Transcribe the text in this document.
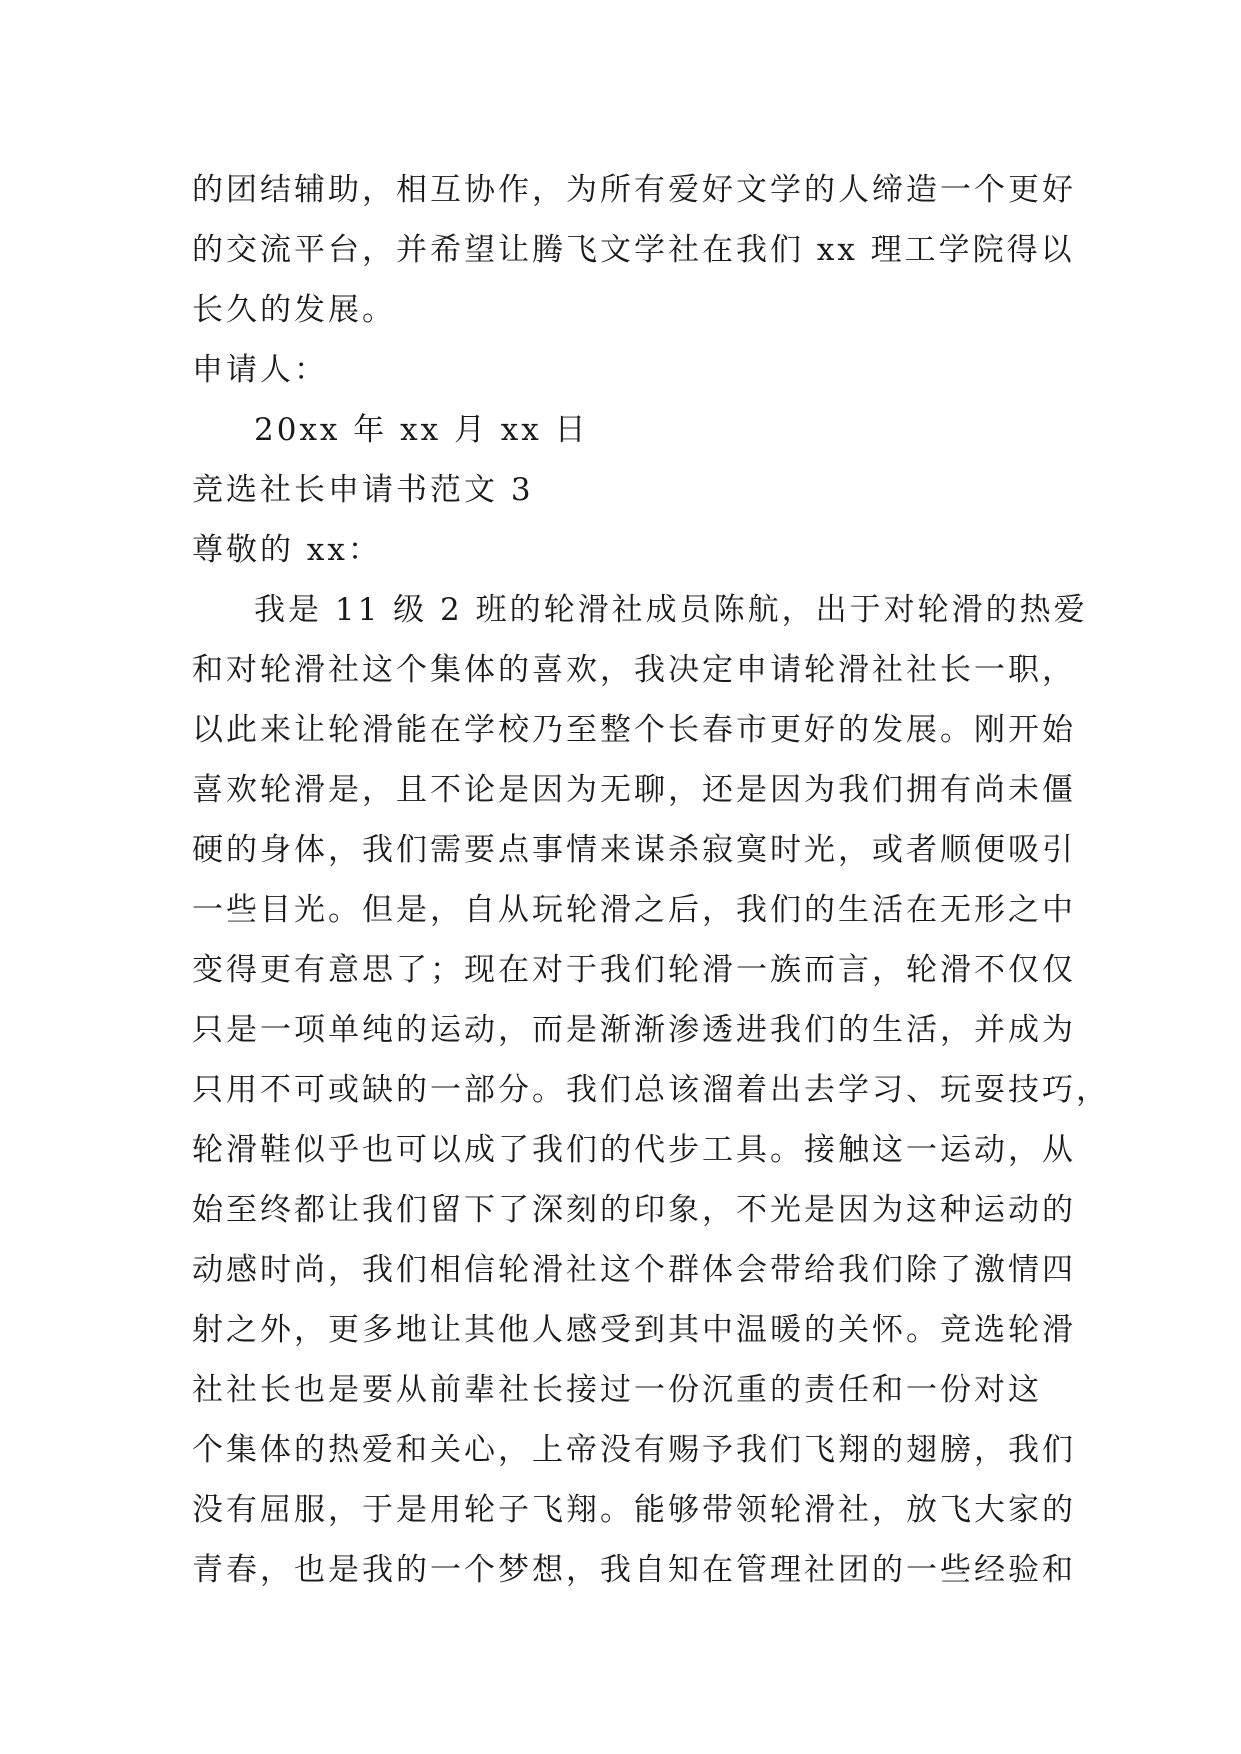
的团结辅助，相互协作，为所有爱好文学的人缔造一个更好
的交流平台，并希望让腾飞文学社在我们 xx 理工学院得以
长久的发展。
申请人：
20xx 年 xx 月 xx 日
竞选社长申请书范文 3
尊敬的 xx：
我是 11 级 2 班的轮滑社成员陈航，出于对轮滑的热爱
和对轮滑社这个集体的喜欢，我决定申请轮滑社社长一职，
以此来让轮滑能在学校乃至整个长春市更好的发展。刚开始
喜欢轮滑是，且不论是因为无聊，还是因为我们拥有尚未僵
硬的身体，我们需要点事情来谋杀寂寞时光，或者顺便吸引
一些目光。但是，自从玩轮滑之后，我们的生活在无形之中
变得更有意思了；现在对于我们轮滑一族而言，轮滑不仅仅
只是一项单纯的运动，而是渐渐渗透进我们的生活，并成为
只用不可或缺的一部分。我们总该溜着出去学习、玩耍技巧，
轮滑鞋似乎也可以成了我们的代步工具。接触这一运动，从
始至终都让我们留下了深刻的印象，不光是因为这种运动的
动感时尚，我们相信轮滑社这个群体会带给我们除了激情四
射之外，更多地让其他人感受到其中温暖的关怀。竞选轮滑
社社长也是要从前辈社长接过一份沉重的责任和一份对这
个集体的热爱和关心，上帝没有赐予我们飞翔的翅膀，我们
没有屈服，于是用轮子飞翔。能够带领轮滑社，放飞大家的
青春，也是我的一个梦想，我自知在管理社团的一些经验和
